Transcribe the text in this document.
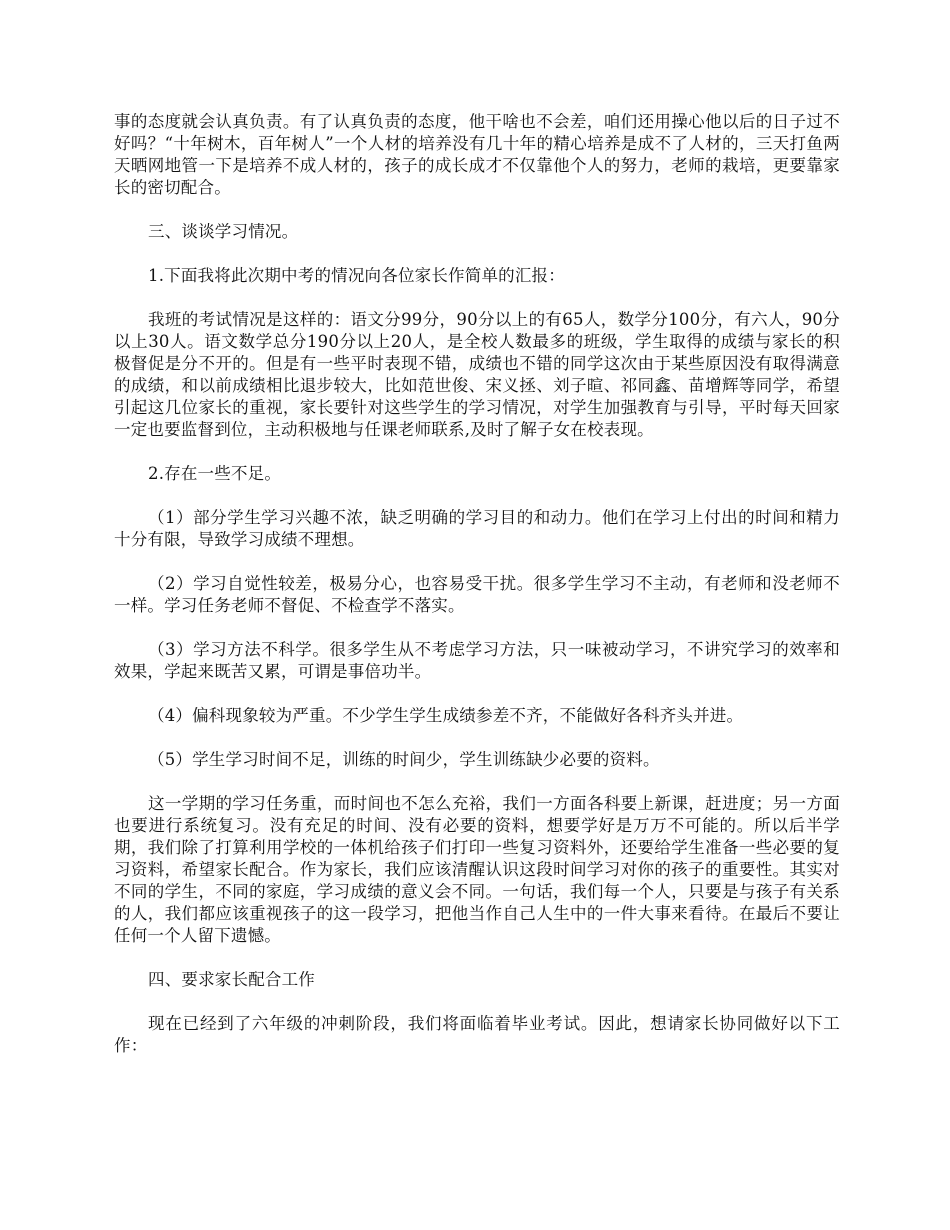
事的态度就会认真负责。有了认真负责的态度，他干啥也不会差，咱们还用操心他以后的日子过不好吗？“十年树木，百年树人”一个人材的培养没有几十年的精心培养是成不了人材的，三天打鱼两天晒网地管一下是培养不成人材的，孩子的成长成才不仅靠他个人的努力，老师的栽培，更要靠家长的密切配合。

三、谈谈学习情况。

1.下面我将此次期中考的情况向各位家长作简单的汇报：

我班的考试情况是这样的：语文分99分，90分以上的有65人，数学分100分，有六人，90分以上30人。语文数学总分190分以上20人，是全校人数最多的班级，学生取得的成绩与家长的积极督促是分不开的。但是有一些平时表现不错，成绩也不错的同学这次由于某些原因没有取得满意的成绩，和以前成绩相比退步较大，比如范世俊、宋义拯、刘子暄、祁同鑫、苗增辉等同学，希望引起这几位家长的重视，家长要针对这些学生的学习情况，对学生加强教育与引导，平时每天回家一定也要监督到位，主动积极地与任课老师联系,及时了解子女在校表现。

2.存在一些不足。

（1）部分学生学习兴趣不浓，缺乏明确的学习目的和动力。他们在学习上付出的时间和精力十分有限，导致学习成绩不理想。

（2）学习自觉性较差，极易分心，也容易受干扰。很多学生学习不主动，有老师和没老师不一样。学习任务老师不督促、不检查学不落实。

（3）学习方法不科学。很多学生从不考虑学习方法，只一味被动学习，不讲究学习的效率和效果，学起来既苦又累，可谓是事倍功半。

（4）偏科现象较为严重。不少学生学生成绩参差不齐，不能做好各科齐头并进。

（5）学生学习时间不足，训练的时间少，学生训练缺少必要的资料。

这一学期的学习任务重，而时间也不怎么充裕，我们一方面各科要上新课，赶进度；另一方面也要进行系统复习。没有充足的时间、没有必要的资料，想要学好是万万不可能的。所以后半学期，我们除了打算利用学校的一体机给孩子们打印一些复习资料外，还要给学生准备一些必要的复习资料，希望家长配合。作为家长，我们应该清醒认识这段时间学习对你的孩子的重要性。其实对不同的学生，不同的家庭，学习成绩的意义会不同。一句话，我们每一个人，只要是与孩子有关系的人，我们都应该重视孩子的这一段学习，把他当作自己人生中的一件大事来看待。在最后不要让任何一个人留下遗憾。

四、要求家长配合工作

现在已经到了六年级的冲刺阶段，我们将面临着毕业考试。因此，想请家长协同做好以下工作：
